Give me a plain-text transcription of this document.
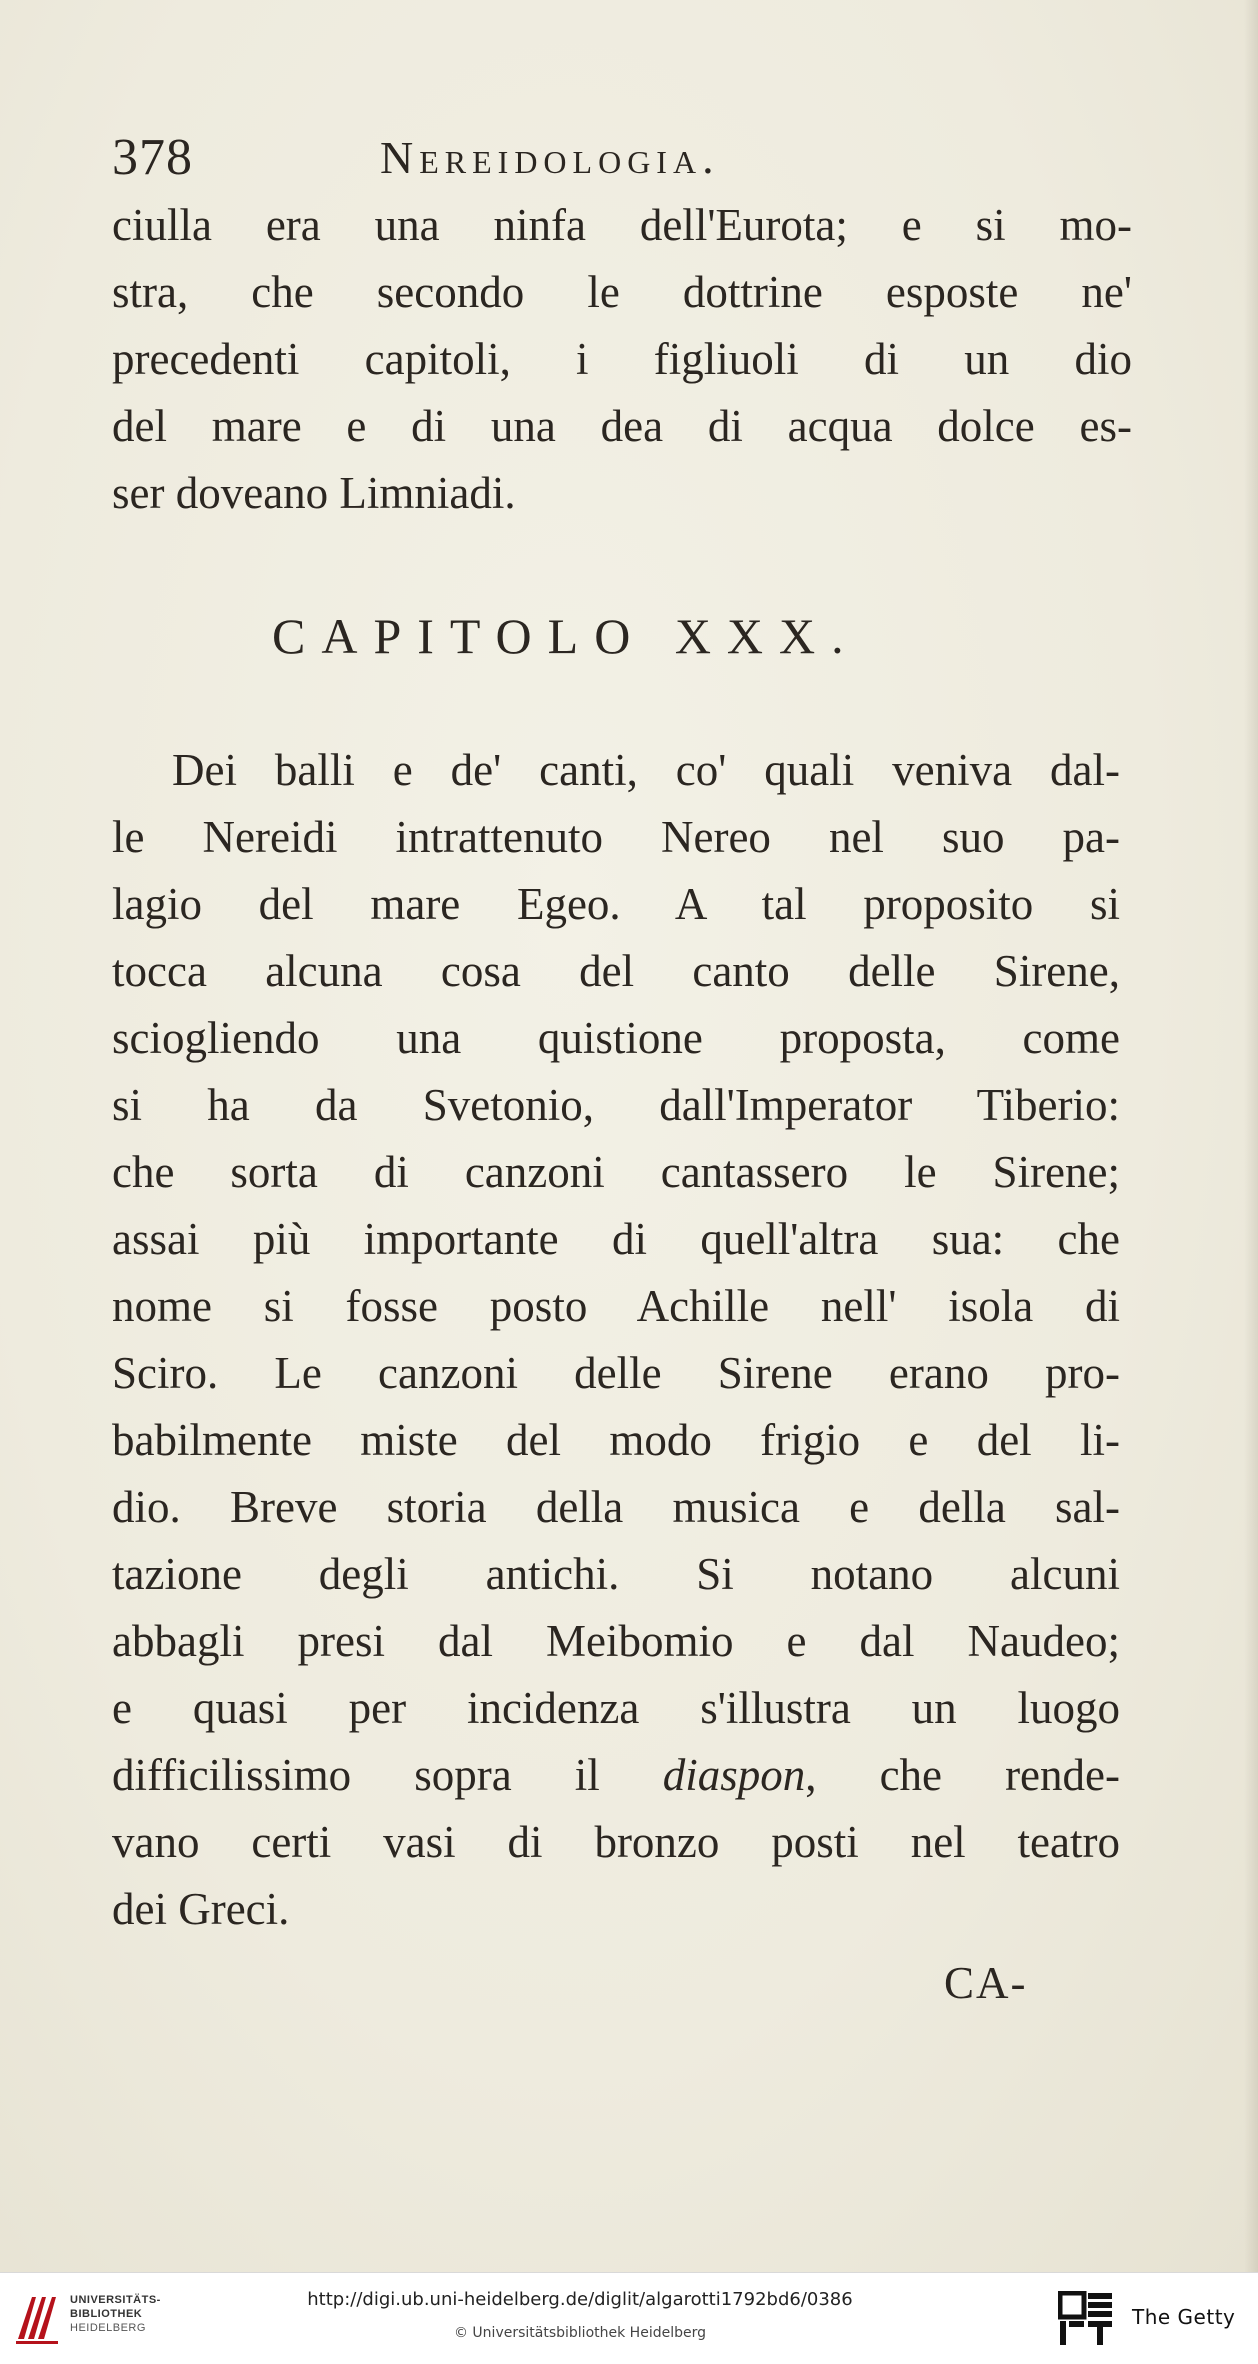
378	Nereidologia.
ciulla era una ninfa dell'Eurota; e si mo-
stra, che secondo le dottrine esposte ne'
precedenti capitoli, i figliuoli di un dio
del mare e di una dea di acqua dolce es-
ser doveano Limniadi.
CAPITOLO XXX.
Dei balli e de' canti, co' quali veniva dal-
le Nereidi intrattenuto Nereo nel suo pa-
lagio del mare Egeo. A tal proposito si
tocca alcuna cosa del canto delle Sirene,
sciogliendo una quistione proposta, come
si ha da Svetonio, dall'Imperator Tiberio:
che sorta di canzoni cantassero le Sirene;
assai più importante di quell'altra sua: che
nome si fosse posto Achille nell' isola di
Sciro. Le canzoni delle Sirene erano pro-
babilmente miste del modo frigio e del li-
dio. Breve storia della musica e della sal-
tazione degli antichi. Si notano alcuni
abbagli presi dal Meibomio e dal Naudeo;
e quasi per incidenza s'illustra un luogo
difficilissimo sopra il diaspon, che rende-
vano certi vasi di bronzo posti nel teatro
dei Greci.
CA-
UNIVERSITÄTS-
BIBLIOTHEK
HEIDELBERG
http://digi.ub.uni-heidelberg.de/diglit/algarotti1792bd6/0386
© Universitätsbibliothek Heidelberg
The Getty
